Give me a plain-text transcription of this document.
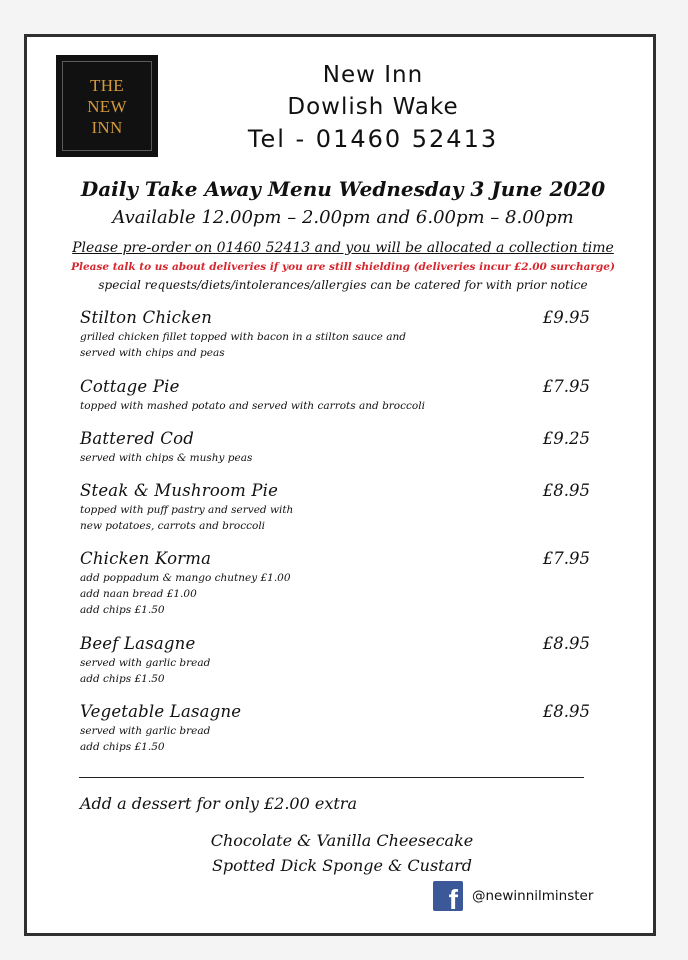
THE
NEW
INN
New Inn
Dowlish Wake
Tel - 01460 52413
Daily Take Away Menu Wednesday 3 June 2020
Available 12.00pm – 2.00pm and 6.00pm – 8.00pm
Please pre-order on 01460 52413 and you will be allocated a collection time
Please talk to us about deliveries if you are still shielding (deliveries incur £2.00 surcharge)
special requests/diets/intolerances/allergies can be catered for with prior notice
Stilton Chicken	£9.95
grilled chicken fillet topped with bacon in a stilton sauce and
served with chips and peas
Cottage Pie	£7.95
topped with mashed potato and served with carrots and broccoli
Battered Cod	£9.25
served with chips & mushy peas
Steak & Mushroom Pie	£8.95
topped with puff pastry and served with
new potatoes, carrots and broccoli
Chicken Korma	£7.95
add poppadum & mango chutney £1.00
add naan bread £1.00
add chips £1.50
Beef Lasagne	£8.95
served with garlic bread
add chips £1.50
Vegetable Lasagne	£8.95
served with garlic bread
add chips £1.50
Add a dessert for only £2.00 extra
Chocolate & Vanilla Cheesecake
Spotted Dick Sponge & Custard
f @newinnilminster
